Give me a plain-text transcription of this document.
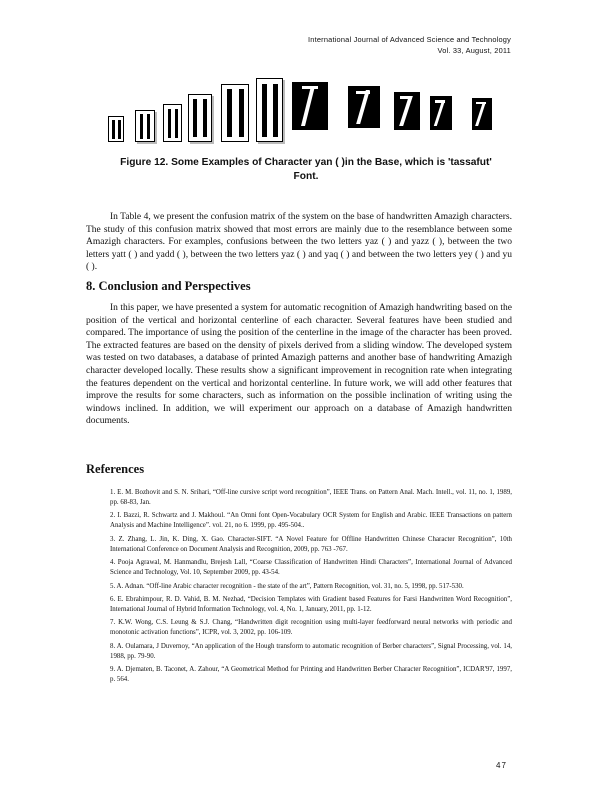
International Journal of Advanced Science and Technology
Vol. 33, August, 2011
Figure 12. Some Examples of Character yan ( )in the Base, which is 'tassafut'
Font.
In Table 4, we present the confusion matrix of the system on the base of handwritten Amazigh characters. The study of this confusion matrix showed that most errors are mainly due to the resemblance between some Amazigh characters. For examples, confusions between the two letters yaz ( ) and yazz ( ), between the two letters yatt ( ) and yadd ( ), between the two letters yaz ( ) and yaq ( ) and between the two letters yey ( ) and yu ( ).
8. Conclusion and Perspectives
In this paper, we have presented a system for automatic recognition of Amazigh handwriting based on the position of the vertical and horizontal centerline of each character. Several features have been studied and compared. The importance of using the position of the centerline in the image of the character has been proved. The extracted features are based on the density of pixels derived from a sliding window. The developed system was tested on two databases, a database of printed Amazigh patterns and another base of handwriting Amazigh character developed locally. These results show a significant improvement in recognition rate when integrating the features dependent on the vertical and horizontal centerline. In future work, we will add other features that improve the results for some characters, such as information on the possible inclination of writing using the windows inclined. In addition, we will experiment our approach on a database of Amazigh handwritten documents.
References
1. E. M. Bozhovit and S. N. Srihari, “Off-line cursive script word recognition”, IEEE Trans. on Pattern Anal. Mach. Intell., vol. 11, no. 1, 1989, pp. 68-83, Jan.
2. I. Bazzi, R. Schwartz and J. Makhoul. “An Omni font Open-Vocabulary OCR System for English and Arabic. IEEE Transactions on pattern Analysis and Machine Intelligence”. vol. 21, no 6. 1999, pp. 495-504..
3. Z. Zhang, L. Jin, K. Ding, X. Gao. Character-SIFT. “A Novel Feature for Offline Handwritten Chinese Character Recognition”, 10th International Conference on Document Analysis and Recognition, 2009, pp. 763 -767.
4. Pooja Agrawal, M. Hanmandlu, Brejesh Lall, “Coarse Classification of Handwritten Hindi Characters”, International Journal of Advanced Science and Technology, Vol. 10, September 2009, pp. 43-54.
5. A. Adnan. “Off-line Arabic character recognition - the state of the art”, Pattern Recognition, vol. 31, no. 5, 1998, pp. 517-530.
6. E. Ebrahimpour, R. D. Vahid, B. M. Nezhad, “Decision Templates with Gradient based Features for Farsi Handwritten Word Recognition”, International Journal of Hybrid Information Technology, vol. 4, No. 1, January, 2011, pp. 1-12.
7. K.W. Wong, C.S. Leung & S.J. Chang, “Handwritten digit recognition using multi-layer feedforward neural networks with periodic and monotonic activation functions”, ICPR, vol. 3, 2002, pp. 106-109.
8. A. Oulamara, J Duvernoy, “An application of the Hough transform to automatic recognition of Berber characters”, Signal Processing, vol. 14, 1988, pp. 79-90.
9. A. Djematen, B. Taconet, A. Zahour, “A Geometrical Method for Printing and Handwritten Berber Character Recognition”, ICDAR'97, 1997, p. 564.
47
